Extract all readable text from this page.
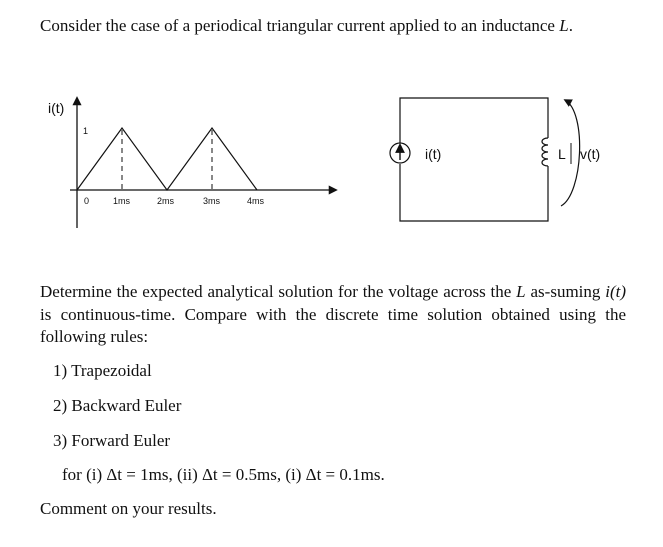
Consider the case of a periodical triangular current applied to an inductance L.
i(t)
1
0	1ms	2ms	3ms	4ms
i(t)	L v(t)
Determine the expected analytical solution for the voltage across the L as-suming i(t) is continuous-time. Compare with the discrete time solution obtained using the following rules:
1) Trapezoidal
2) Backward Euler
3) Forward Euler
for (i) Δt = 1ms, (ii) Δt = 0.5ms, (i) Δt = 0.1ms.
Comment on your results.
